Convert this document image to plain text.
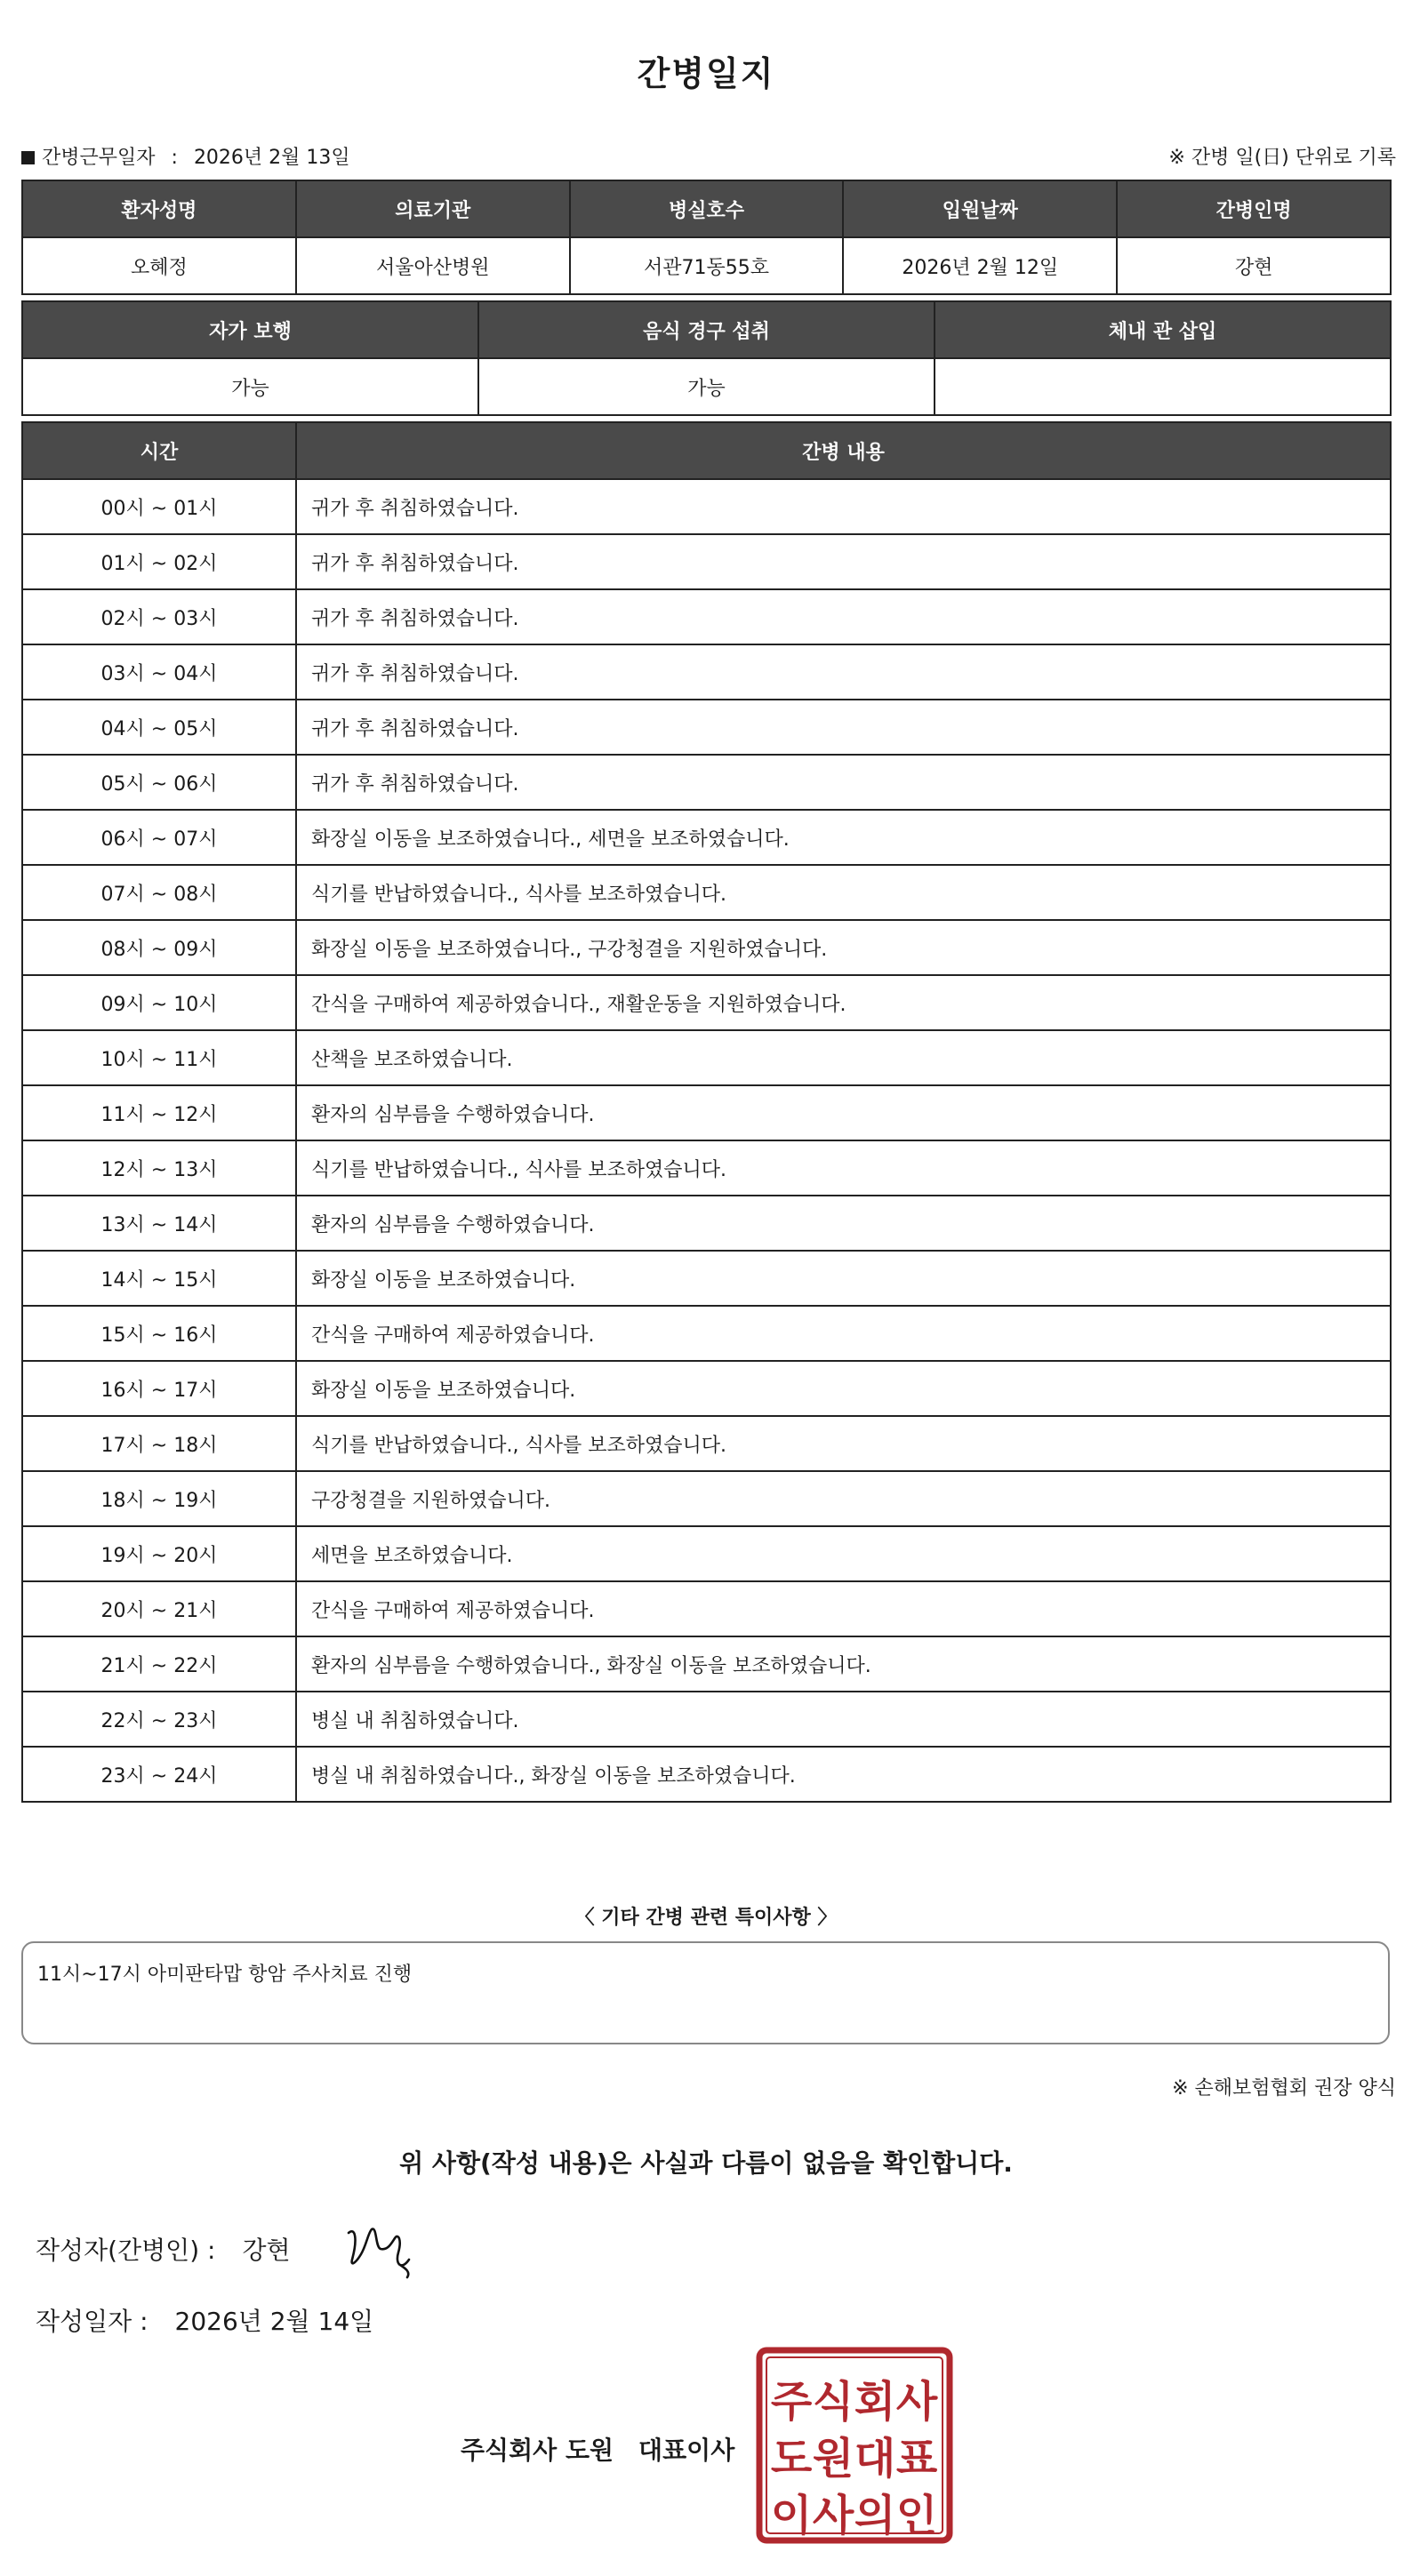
간병일지
간병근무일자 : 2026년 2월 13일	※ 간병 일(日) 단위로 기록
환자성명	의료기관	병실호수	입원날짜	간병인명
오혜정	서울아산병원	서관71동55호	2026년 2월 12일	강현
자가 보행	음식 경구 섭취	체내 관 삽입
가능	가능	
시간	간병 내용
00시 ~ 01시	귀가 후 취침하였습니다.
01시 ~ 02시	귀가 후 취침하였습니다.
02시 ~ 03시	귀가 후 취침하였습니다.
03시 ~ 04시	귀가 후 취침하였습니다.
04시 ~ 05시	귀가 후 취침하였습니다.
05시 ~ 06시	귀가 후 취침하였습니다.
06시 ~ 07시	화장실 이동을 보조하였습니다., 세면을 보조하였습니다.
07시 ~ 08시	식기를 반납하였습니다., 식사를 보조하였습니다.
08시 ~ 09시	화장실 이동을 보조하였습니다., 구강청결을 지원하였습니다.
09시 ~ 10시	간식을 구매하여 제공하였습니다., 재활운동을 지원하였습니다.
10시 ~ 11시	산책을 보조하였습니다.
11시 ~ 12시	환자의 심부름을 수행하였습니다.
12시 ~ 13시	식기를 반납하였습니다., 식사를 보조하였습니다.
13시 ~ 14시	환자의 심부름을 수행하였습니다.
14시 ~ 15시	화장실 이동을 보조하였습니다.
15시 ~ 16시	간식을 구매하여 제공하였습니다.
16시 ~ 17시	화장실 이동을 보조하였습니다.
17시 ~ 18시	식기를 반납하였습니다., 식사를 보조하였습니다.
18시 ~ 19시	구강청결을 지원하였습니다.
19시 ~ 20시	세면을 보조하였습니다.
20시 ~ 21시	간식을 구매하여 제공하였습니다.
21시 ~ 22시	환자의 심부름을 수행하였습니다., 화장실 이동을 보조하였습니다.
22시 ~ 23시	병실 내 취침하였습니다.
23시 ~ 24시	병실 내 취침하였습니다., 화장실 이동을 보조하였습니다.
〈 기타 간병 관련 특이사항 〉
11시~17시 아미판타맙 항암 주사치료 진행
※ 손해보험협회 권장 양식
위 사항(작성 내용)은 사실과 다름이 없음을 확인합니다.
작성자(간병인) : 강현
작성일자 : 2026년 2월 14일
주식회사 도원 대표이사
주 식 회 사
도 원 대 표
이 사 의 인
